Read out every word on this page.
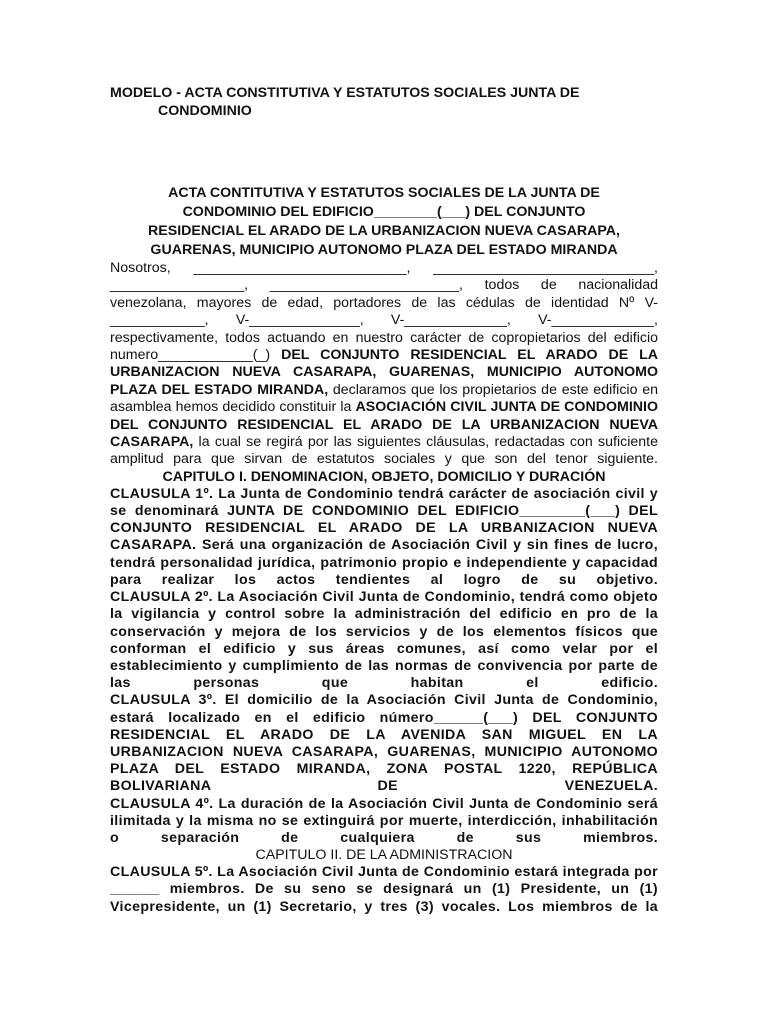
MODELO - ACTA CONSTITUTIVA Y ESTATUTOS SOCIALES JUNTA DE
CONDOMINIO

ACTA CONTITUTIVA Y ESTATUTOS SOCIALES DE LA JUNTA DE
CONDOMINIO DEL EDIFICIO________(___) DEL CONJUNTO
RESIDENCIAL EL ARADO DE LA URBANIZACION NUEVA CASARAPA,
GUARENAS, MUNICIPIO AUTONOMO PLAZA DEL ESTADO MIRANDA

Nosotros, ___________________________, ____________________________, _________________, ________________________, todos de nacionalidad venezolana, mayores de edad, portadores de las cédulas de identidad Nº V-____________, V-______________, V-_____________, V-_____________, respectivamente, todos actuando en nuestro carácter de copropietarios del edificio numero____________(_) DEL CONJUNTO RESIDENCIAL EL ARADO DE LA URBANIZACION NUEVA CASARAPA, GUARENAS, MUNICIPIO AUTONOMO PLAZA DEL ESTADO MIRANDA, declaramos que los propietarios de este edificio en asamblea hemos decidido constituir la ASOCIACIÓN CIVIL JUNTA DE CONDOMINIO DEL CONJUNTO RESIDENCIAL EL ARADO DE LA URBANIZACION NUEVA CASARAPA, la cual se regirá por las siguientes cláusulas, redactadas con suficiente amplitud para que sirvan de estatutos sociales y que son del tenor siguiente.

CAPITULO I. DENOMINACION, OBJETO, DOMICILIO Y DURACIÓN

CLAUSULA 1º. La Junta de Condominio tendrá carácter de asociación civil y se denominará JUNTA DE CONDOMINIO DEL EDIFICIO________(___) DEL CONJUNTO RESIDENCIAL EL ARADO DE LA URBANIZACION NUEVA CASARAPA. Será una organización de Asociación Civil y sin fines de lucro, tendrá personalidad jurídica, patrimonio propio e independiente y capacidad para realizar los actos tendientes al logro de su objetivo.

CLAUSULA 2º. La Asociación Civil Junta de Condominio, tendrá como objeto la vigilancia y control sobre la administración del edificio en pro de la conservación y mejora de los servicios y de los elementos físicos que conforman el edificio y sus áreas comunes, así como velar por el establecimiento y cumplimiento de las normas de convivencia por parte de las personas que habitan el edificio.

CLAUSULA 3º. El domicilio de la Asociación Civil Junta de Condominio, estará localizado en el edificio número______(___) DEL CONJUNTO RESIDENCIAL EL ARADO DE LA AVENIDA SAN MIGUEL EN LA URBANIZACION NUEVA CASARAPA, GUARENAS, MUNICIPIO AUTONOMO PLAZA DEL ESTADO MIRANDA, ZONA POSTAL 1220, REPÚBLICA BOLIVARIANA DE VENEZUELA.

CLAUSULA 4º. La duración de la Asociación Civil Junta de Condominio será ilimitada y la misma no se extinguirá por muerte, interdicción, inhabilitación o separación de cualquiera de sus miembros.

CAPITULO II. DE LA ADMINISTRACION

CLAUSULA 5º. La Asociación Civil Junta de Condominio estará integrada por ______ miembros. De su seno se designará un (1) Presidente, un (1) Vicepresidente, un (1) Secretario, y tres (3) vocales. Los miembros de la
